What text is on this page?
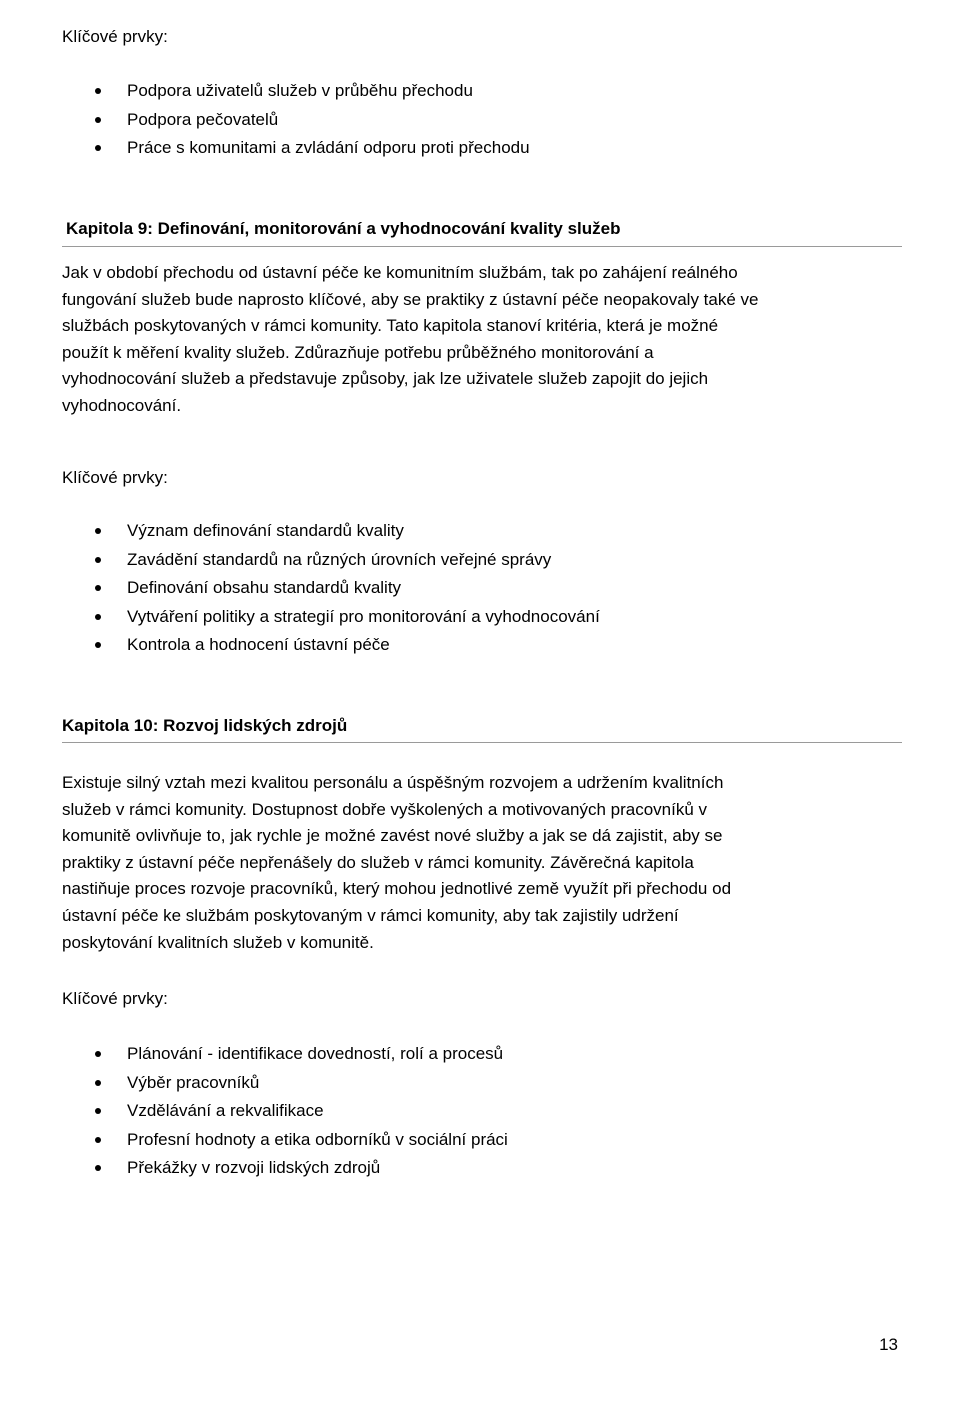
Klíčové prvky:
Podpora uživatelů služeb v průběhu přechodu
Podpora pečovatelů
Práce s komunitami a zvládání odporu proti přechodu
Kapitola 9: Definování, monitorování a vyhodnocování kvality služeb

Jak v období přechodu od ústavní péče ke komunitním službám, tak po zahájení reálného
fungování služeb bude naprosto klíčové, aby se praktiky z ústavní péče neopakovaly také ve
službách poskytovaných v rámci komunity. Tato kapitola stanoví kritéria, která je možné
použít k měření kvality služeb. Zdůrazňuje potřebu průběžného monitorování a
vyhodnocování služeb a představuje způsoby, jak lze uživatele služeb zapojit do jejich
vyhodnocování.

Klíčové prvky:
Význam definování standardů kvality
Zavádění standardů na různých úrovních veřejné správy
Definování obsahu standardů kvality
Vytváření politiky a strategií pro monitorování a vyhodnocování
Kontrola a hodnocení ústavní péče
Kapitola 10: Rozvoj lidských zdrojů

Existuje silný vztah mezi kvalitou personálu a úspěšným rozvojem a udržením kvalitních
služeb v rámci komunity. Dostupnost dobře vyškolených a motivovaných pracovníků v
komunitě ovlivňuje to, jak rychle je možné zavést nové služby a jak se dá zajistit, aby se
praktiky z ústavní péče nepřenášely do služeb v rámci komunity. Závěrečná kapitola
nastiňuje proces rozvoje pracovníků, který mohou jednotlivé země využít při přechodu od
ústavní péče ke službám poskytovaným v rámci komunity, aby tak zajistily udržení
poskytování kvalitních služeb v komunitě.

Klíčové prvky:
Plánování - identifikace dovedností, rolí a procesů
Výběr pracovníků
Vzdělávání a rekvalifikace
Profesní hodnoty a etika odborníků v sociální práci
Překážky v rozvoji lidských zdrojů
13
